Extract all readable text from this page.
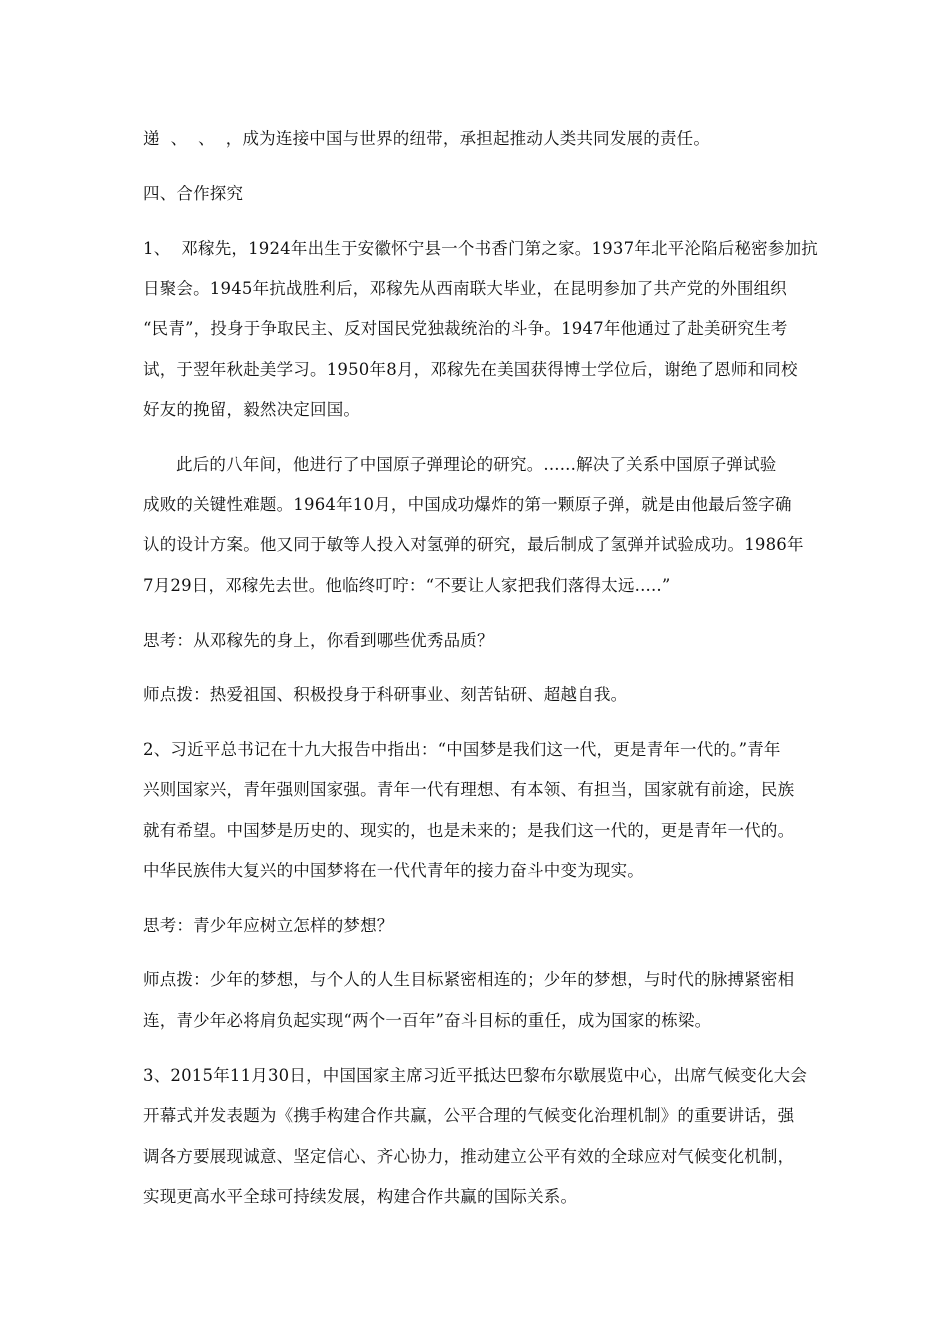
递  、  、  ，成为连接中国与世界的纽带，承担起推动人类共同发展的责任。
四、合作探究
1、  邓稼先，1924年出生于安徽怀宁县一个书香门第之家。1937年北平沦陷后秘密参加抗
日聚会。1945年抗战胜利后，邓稼先从西南联大毕业，在昆明参加了共产党的外围组织
“民青”，投身于争取民主、反对国民党独裁统治的斗争。1947年他通过了赴美研究生考
试，于翌年秋赴美学习。1950年8月，邓稼先在美国获得博士学位后，谢绝了恩师和同校
好友的挽留，毅然决定回国。
此后的八年间，他进行了中国原子弹理论的研究。......解决了关系中国原子弹试验
成败的关键性难题。1964年10月，中国成功爆炸的第一颗原子弹，就是由他最后签字确
认的设计方案。他又同于敏等人投入对氢弹的研究，最后制成了氢弹并试验成功。1986年
7月29日，邓稼先去世。他临终叮咛：“不要让人家把我们落得太远.....”
思考：从邓稼先的身上，你看到哪些优秀品质？
师点拨：热爱祖国、积极投身于科研事业、刻苦钻研、超越自我。
2、习近平总书记在十九大报告中指出：“中国梦是我们这一代，更是青年一代的。”青年
兴则国家兴，青年强则国家强。青年一代有理想、有本领、有担当，国家就有前途，民族
就有希望。中国梦是历史的、现实的，也是未来的；是我们这一代的，更是青年一代的。
中华民族伟大复兴的中国梦将在一代代青年的接力奋斗中变为现实。
思考：青少年应树立怎样的梦想？
师点拨：少年的梦想，与个人的人生目标紧密相连的；少年的梦想，与时代的脉搏紧密相
连，青少年必将肩负起实现“两个一百年”奋斗目标的重任，成为国家的栋梁。
3、2015年11月30日，中国国家主席习近平抵达巴黎布尔歇展览中心，出席气候变化大会
开幕式并发表题为《携手构建合作共赢，公平合理的气候变化治理机制》的重要讲话，强
调各方要展现诚意、坚定信心、齐心协力，推动建立公平有效的全球应对气候变化机制，
实现更高水平全球可持续发展，构建合作共赢的国际关系。
